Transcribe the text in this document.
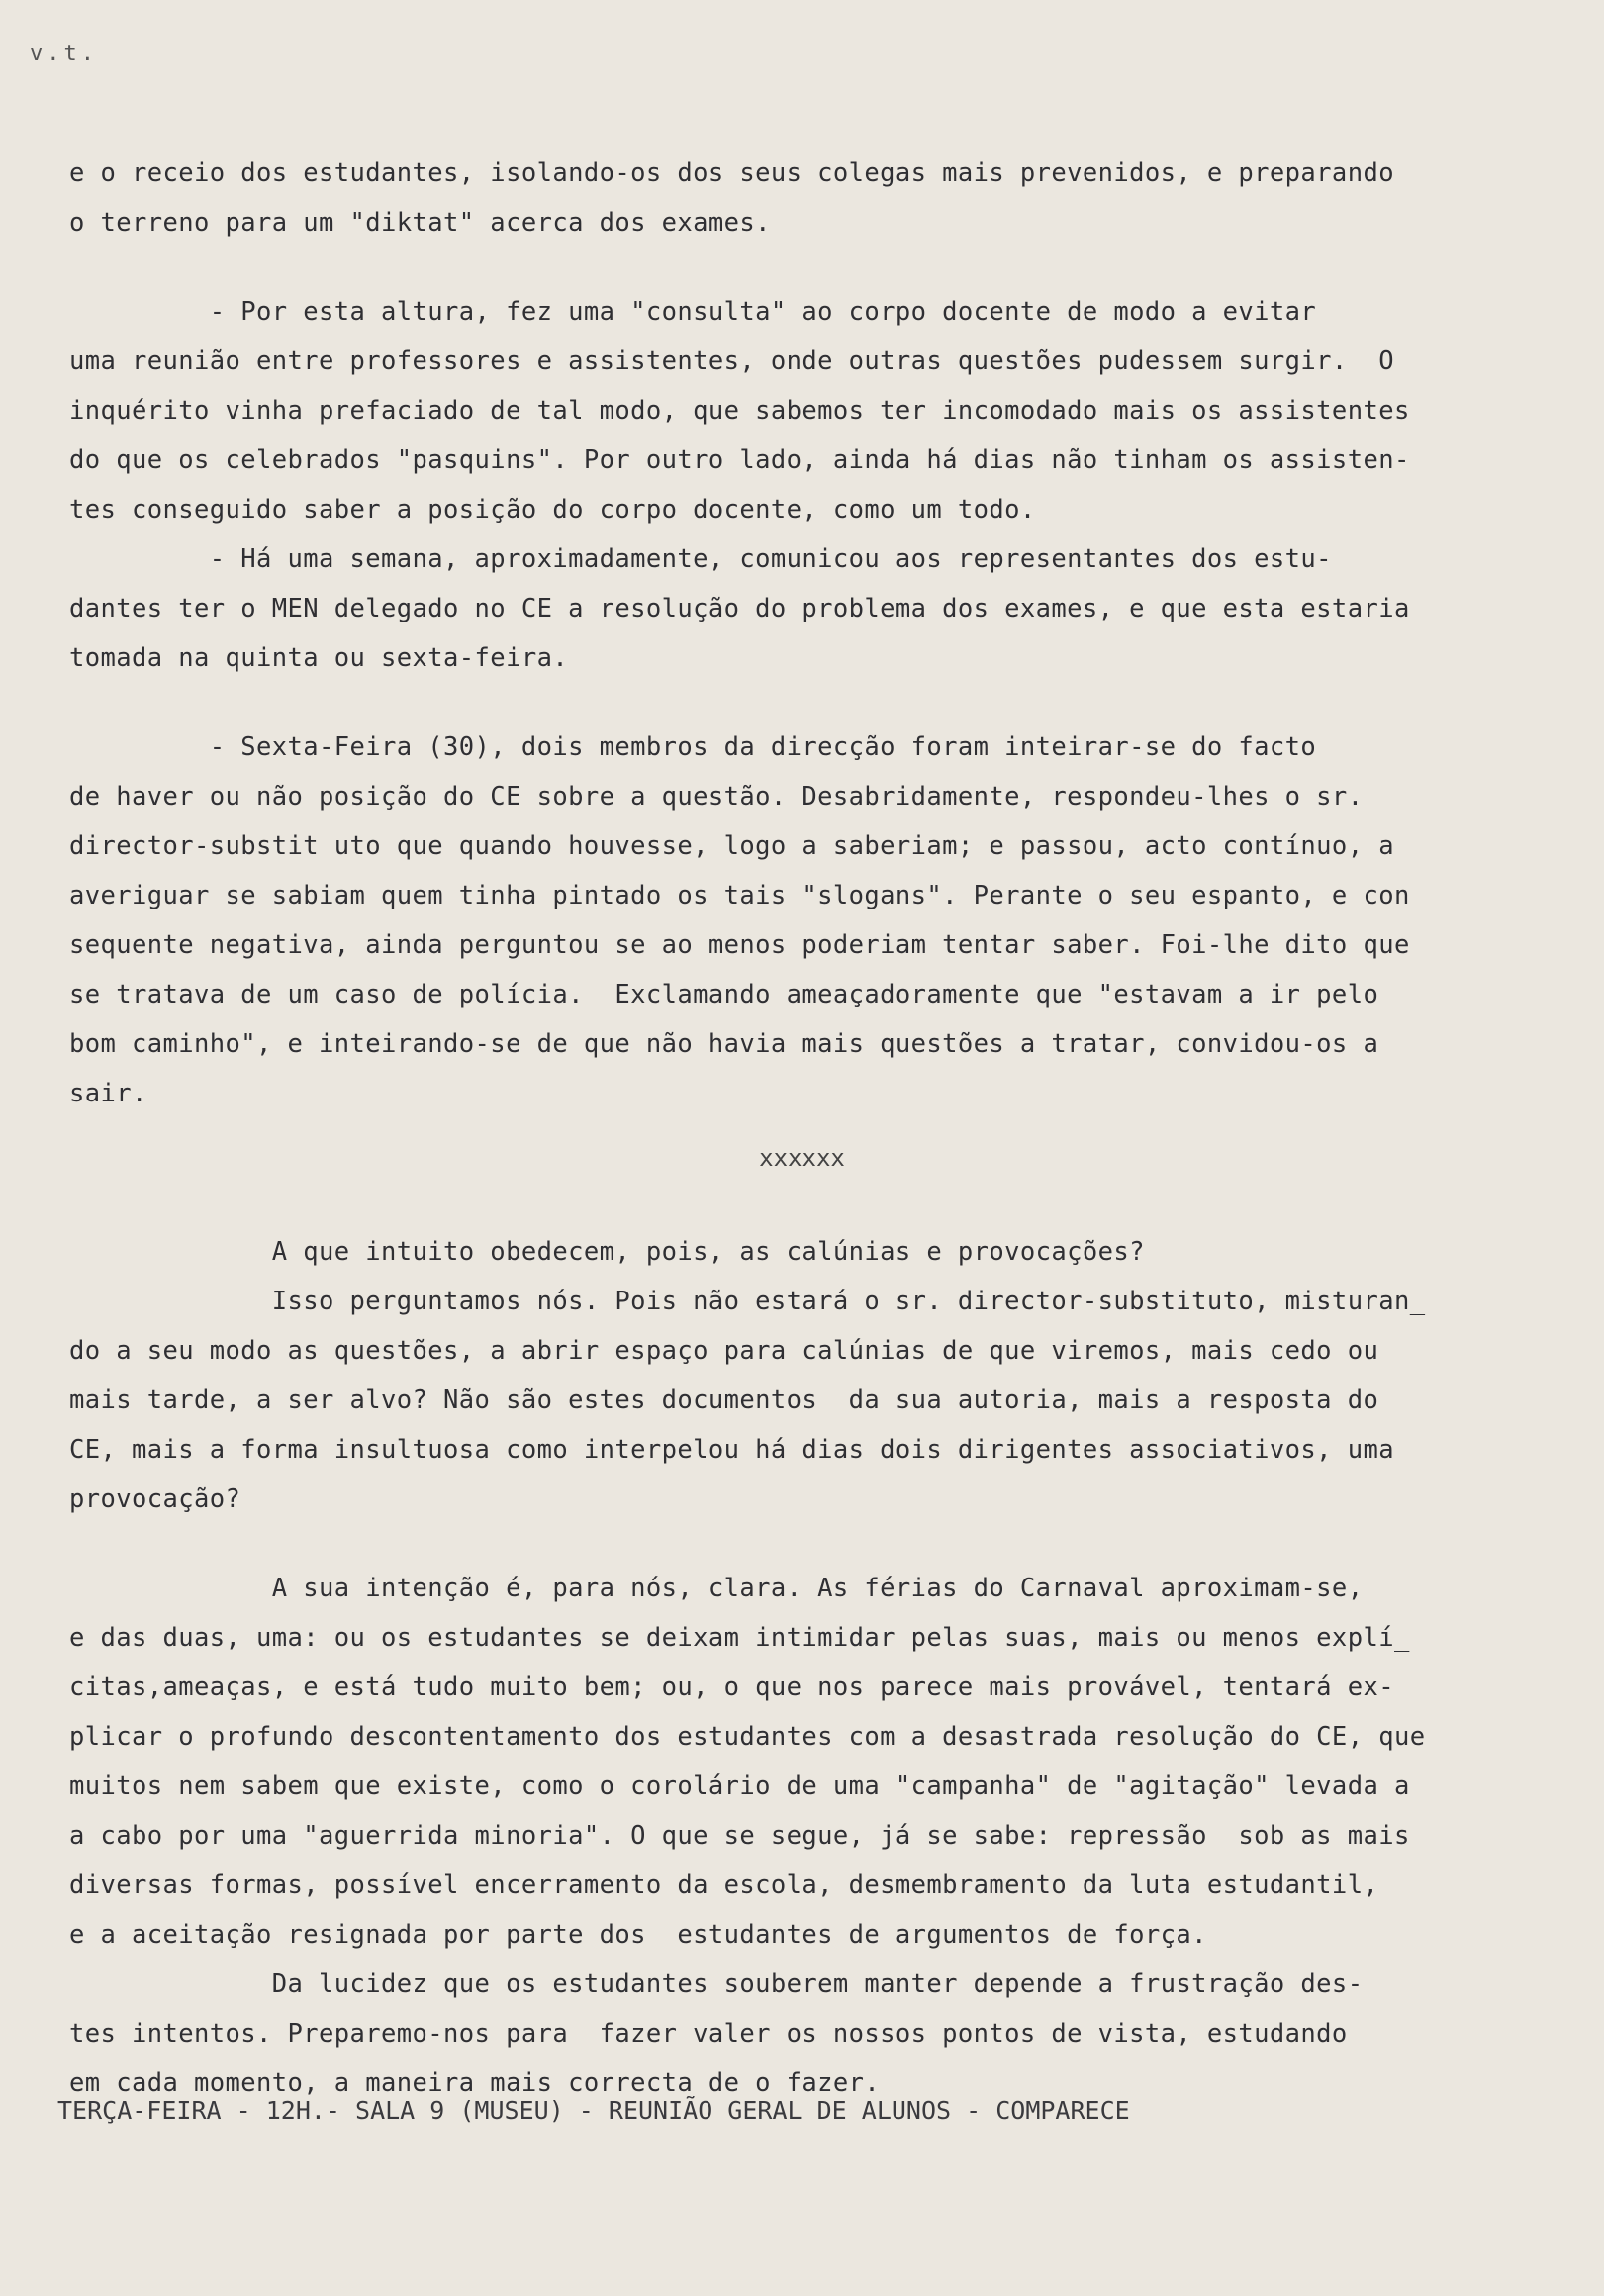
v.t.
e o receio dos estudantes, isolando-os dos seus colegas mais prevenidos, e preparando
o terreno para um "diktat" acerca dos exames.
- Por esta altura, fez uma "consulta" ao corpo docente de modo a evitar
uma reunião entre professores e assistentes, onde outras questões pudessem surgir.  O
inquérito vinha prefaciado de tal modo, que sabemos ter incomodado mais os assistentes
do que os celebrados "pasquins". Por outro lado, ainda há dias não tinham os assisten-
tes conseguido saber a posição do corpo docente, como um todo.
- Há uma semana, aproximadamente, comunicou aos representantes dos estu-
dantes ter o MEN delegado no CE a resolução do problema dos exames, e que esta estaria
tomada na quinta ou sexta-feira.
- Sexta-Feira (30), dois membros da direcção foram inteirar-se do facto
de haver ou não posição do CE sobre a questão. Desabridamente, respondeu-lhes o sr.
director-substit uto que quando houvesse, logo a saberiam; e passou, acto contínuo, a
averiguar se sabiam quem tinha pintado os tais "slogans". Perante o seu espanto, e con_
sequente negativa, ainda perguntou se ao menos poderiam tentar saber. Foi-lhe dito que
se tratava de um caso de polícia.  Exclamando ameaçadoramente que "estavam a ir pelo
bom caminho", e inteirando-se de que não havia mais questões a tratar, convidou-os a
sair.
xxxxxx
A que intuito obedecem, pois, as calúnias e provocações?
Isso perguntamos nós. Pois não estará o sr. director-substituto, misturan_
do a seu modo as questões, a abrir espaço para calúnias de que viremos, mais cedo ou
mais tarde, a ser alvo? Não são estes documentos  da sua autoria, mais a resposta do
CE, mais a forma insultuosa como interpelou há dias dois dirigentes associativos, uma
provocação?
A sua intenção é, para nós, clara. As férias do Carnaval aproximam-se,
e das duas, uma: ou os estudantes se deixam intimidar pelas suas, mais ou menos explí_
citas,ameaças, e está tudo muito bem; ou, o que nos parece mais provável, tentará ex-
plicar o profundo descontentamento dos estudantes com a desastrada resolução do CE, que
muitos nem sabem que existe, como o corolário de uma "campanha" de "agitação" levada a
a cabo por uma "aguerrida minoria". O que se segue, já se sabe: repressão  sob as mais
diversas formas, possível encerramento da escola, desmembramento da luta estudantil,
e a aceitação resignada por parte dos  estudantes de argumentos de força.
Da lucidez que os estudantes souberem manter depende a frustração des-
tes intentos. Preparemo-nos para  fazer valer os nossos pontos de vista, estudando
em cada momento, a maneira mais correcta de o fazer.
TERÇA-FEIRA - 12H.- SALA 9 (MUSEU) - REUNIÃO GERAL DE ALUNOS - COMPARECE
